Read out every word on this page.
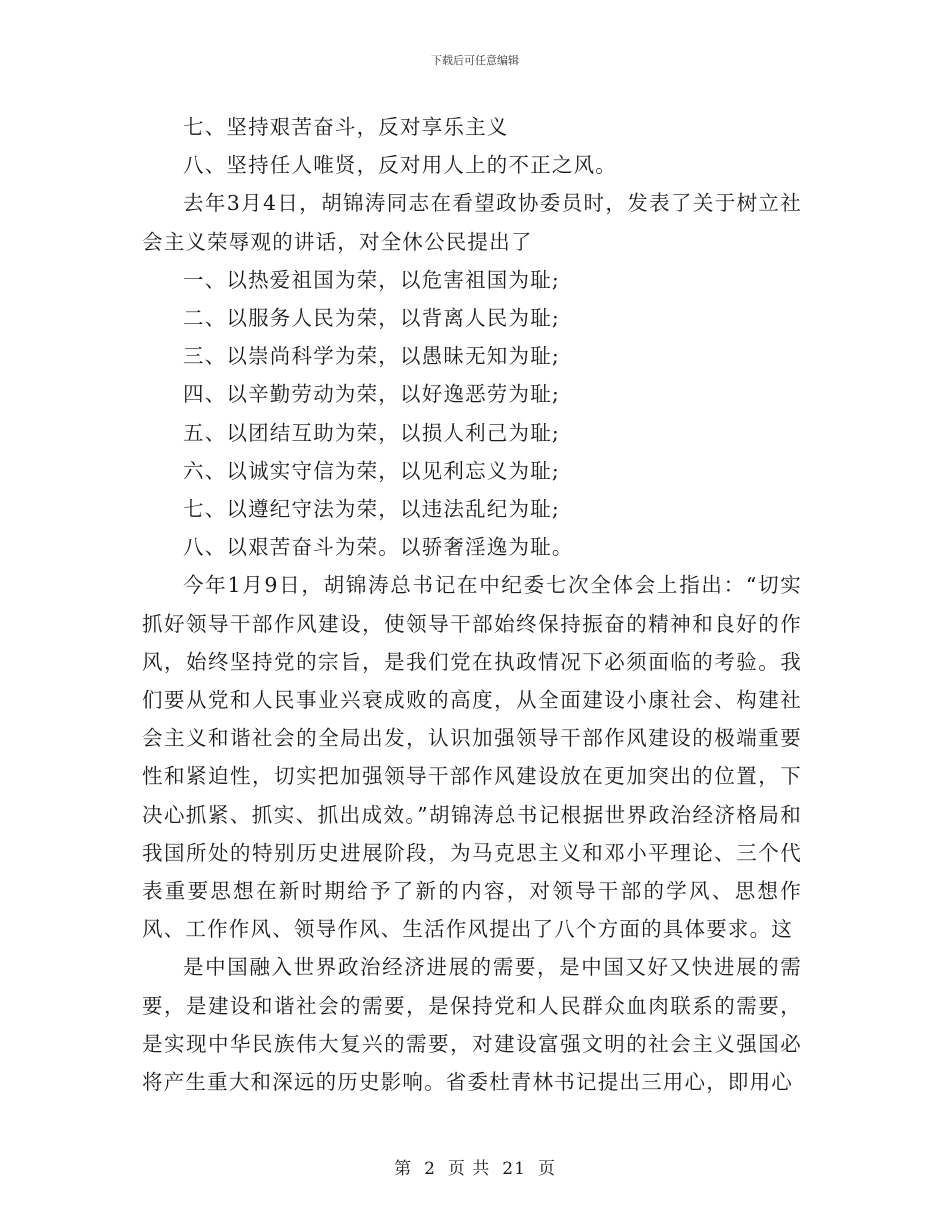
下载后可任意编辑

七、坚持艰苦奋斗，反对享乐主义

八、坚持任人唯贤，反对用人上的不正之风。

去年3月4日，胡锦涛同志在看望政协委员时，发表了关于树立社会主义荣辱观的讲话，对全休公民提出了

一、以热爱祖国为荣，以危害祖国为耻;

二、以服务人民为荣，以背离人民为耻;

三、以崇尚科学为荣，以愚昧无知为耻;

四、以辛勤劳动为荣，以好逸恶劳为耻;

五、以团结互助为荣，以损人利己为耻;

六、以诚实守信为荣，以见利忘义为耻;

七、以遵纪守法为荣，以违法乱纪为耻;

八、以艰苦奋斗为荣。以骄奢淫逸为耻。

今年1月9日，胡锦涛总书记在中纪委七次全体会上指出：“切实抓好领导干部作风建设，使领导干部始终保持振奋的精神和良好的作风，始终坚持党的宗旨，是我们党在执政情况下必须面临的考验。我们要从党和人民事业兴衰成败的高度，从全面建设小康社会、构建社会主义和谐社会的全局出发，认识加强领导干部作风建设的极端重要性和紧迫性，切实把加强领导干部作风建设放在更加突出的位置，下决心抓紧、抓实、抓出成效。”胡锦涛总书记根据世界政治经济格局和我国所处的特别历史进展阶段，为马克思主义和邓小平理论、三个代表重要思想在新时期给予了新的内容，对领导干部的学风、思想作风、工作作风、领导作风、生活作风提出了八个方面的具体要求。这

是中国融入世界政治经济进展的需要，是中国又好又快进展的需要，是建设和谐社会的需要，是保持党和人民群众血肉联系的需要，是实现中华民族伟大复兴的需要，对建设富强文明的社会主义强国必将产生重大和深远的历史影响。省委杜青林书记提出三用心，即用心

第 2 页 共 21 页
